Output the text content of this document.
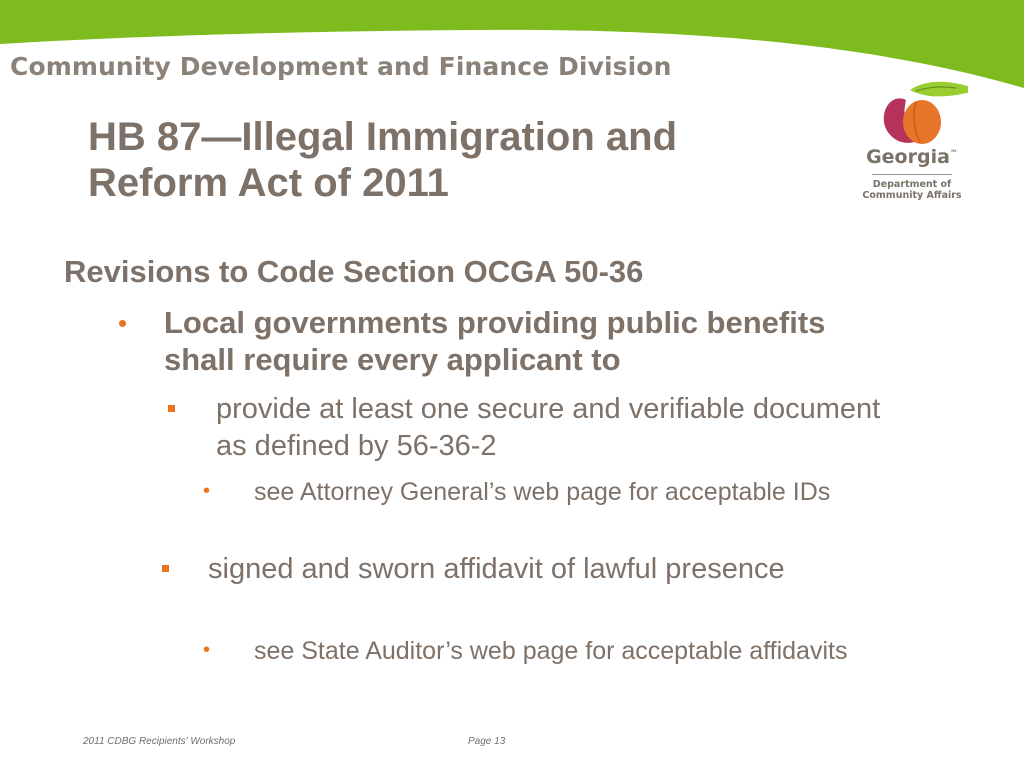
Community Development and Finance Division

Georgia™
Department of
Community Affairs
HB 87—Illegal Immigration and Reform Act of 2011

Revisions to Code Section OCGA 50-36

• Local governments providing public benefits shall require every applicant to

provide at least one secure and verifiable document as defined by 56-36-2

• see Attorney General’s web page for acceptable IDs

signed and sworn affidavit of lawful presence

• see State Auditor’s web page for acceptable affidavits

2011 CDBG Recipients' Workshop	Page 13
